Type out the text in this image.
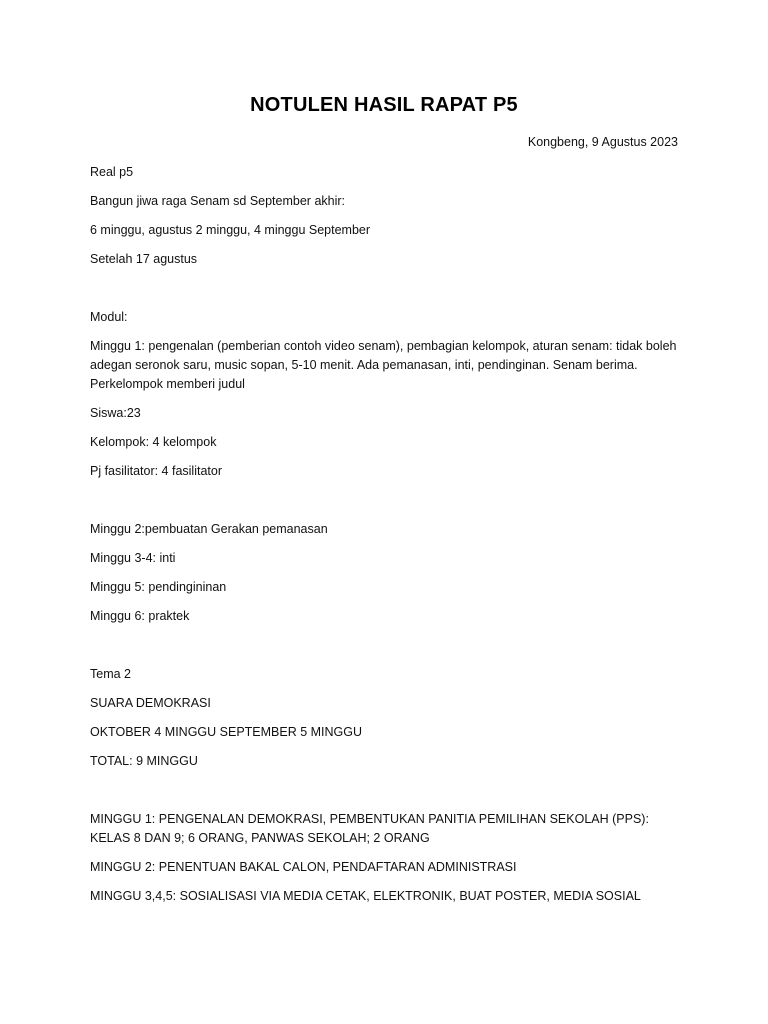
NOTULEN HASIL RAPAT P5
Kongbeng, 9 Agustus 2023
Real p5
Bangun jiwa raga Senam sd September akhir:
6 minggu, agustus 2 minggu, 4 minggu September
Setelah 17 agustus
Modul:
Minggu 1: pengenalan (pemberian contoh video senam), pembagian kelompok, aturan senam: tidak boleh adegan seronok saru, music sopan, 5-10 menit. Ada pemanasan, inti, pendinginan. Senam berima. Perkelompok memberi judul
Siswa:23
Kelompok: 4 kelompok
Pj fasilitator: 4 fasilitator
Minggu 2:pembuatan Gerakan pemanasan
Minggu 3-4: inti
Minggu 5: pendingininan
Minggu 6: praktek
Tema 2
SUARA DEMOKRASI
OKTOBER 4 MINGGU SEPTEMBER 5 MINGGU
TOTAL: 9 MINGGU
MINGGU 1: PENGENALAN DEMOKRASI, PEMBENTUKAN PANITIA PEMILIHAN SEKOLAH (PPS): KELAS 8 DAN 9; 6 ORANG, PANWAS SEKOLAH; 2 ORANG
MINGGU 2: PENENTUAN BAKAL CALON, PENDAFTARAN ADMINISTRASI
MINGGU 3,4,5: SOSIALISASI VIA MEDIA CETAK, ELEKTRONIK, BUAT POSTER, MEDIA SOSIAL
